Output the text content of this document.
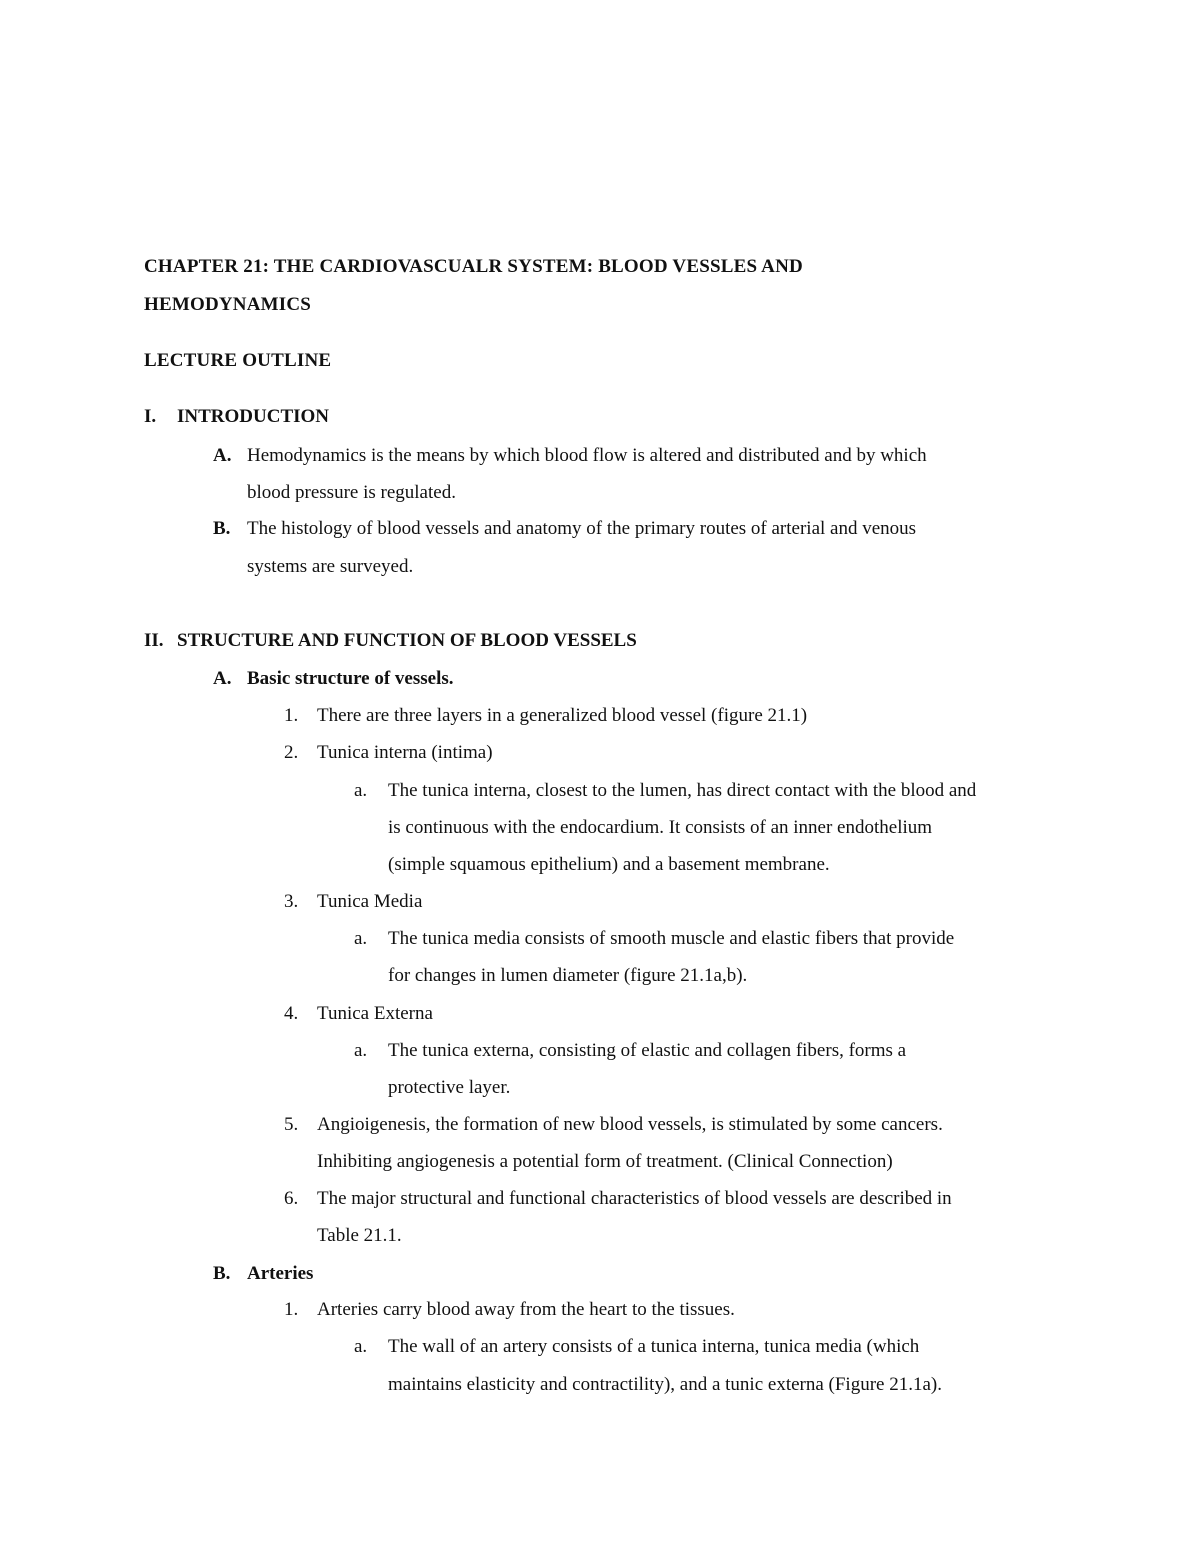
CHAPTER 21: THE CARDIOVASCUALR SYSTEM: BLOOD VESSLES AND
HEMODYNAMICS
LECTURE OUTLINE
I. INTRODUCTION
A. Hemodynamics is the means by which blood flow is altered and distributed and by which
blood pressure is regulated.
B. The histology of blood vessels and anatomy of the primary routes of arterial and venous
systems are surveyed.
II. STRUCTURE AND FUNCTION OF BLOOD VESSELS
A. Basic structure of vessels.
1. There are three layers in a generalized blood vessel (figure 21.1)
2. Tunica interna (intima)
a. The tunica interna, closest to the lumen, has direct contact with the blood and
is continuous with the endocardium. It consists of an inner endothelium
(simple squamous epithelium) and a basement membrane.
3. Tunica Media
a. The tunica media consists of smooth muscle and elastic fibers that provide
for changes in lumen diameter (figure 21.1a,b).
4. Tunica Externa
a. The tunica externa, consisting of elastic and collagen fibers, forms a
protective layer.
5. Angioigenesis, the formation of new blood vessels, is stimulated by some cancers.
Inhibiting angiogenesis a potential form of treatment. (Clinical Connection)
6. The major structural and functional characteristics of blood vessels are described in
Table 21.1.
B. Arteries
1. Arteries carry blood away from the heart to the tissues.
a. The wall of an artery consists of a tunica interna, tunica media (which
maintains elasticity and contractility), and a tunic externa (Figure 21.1a).
